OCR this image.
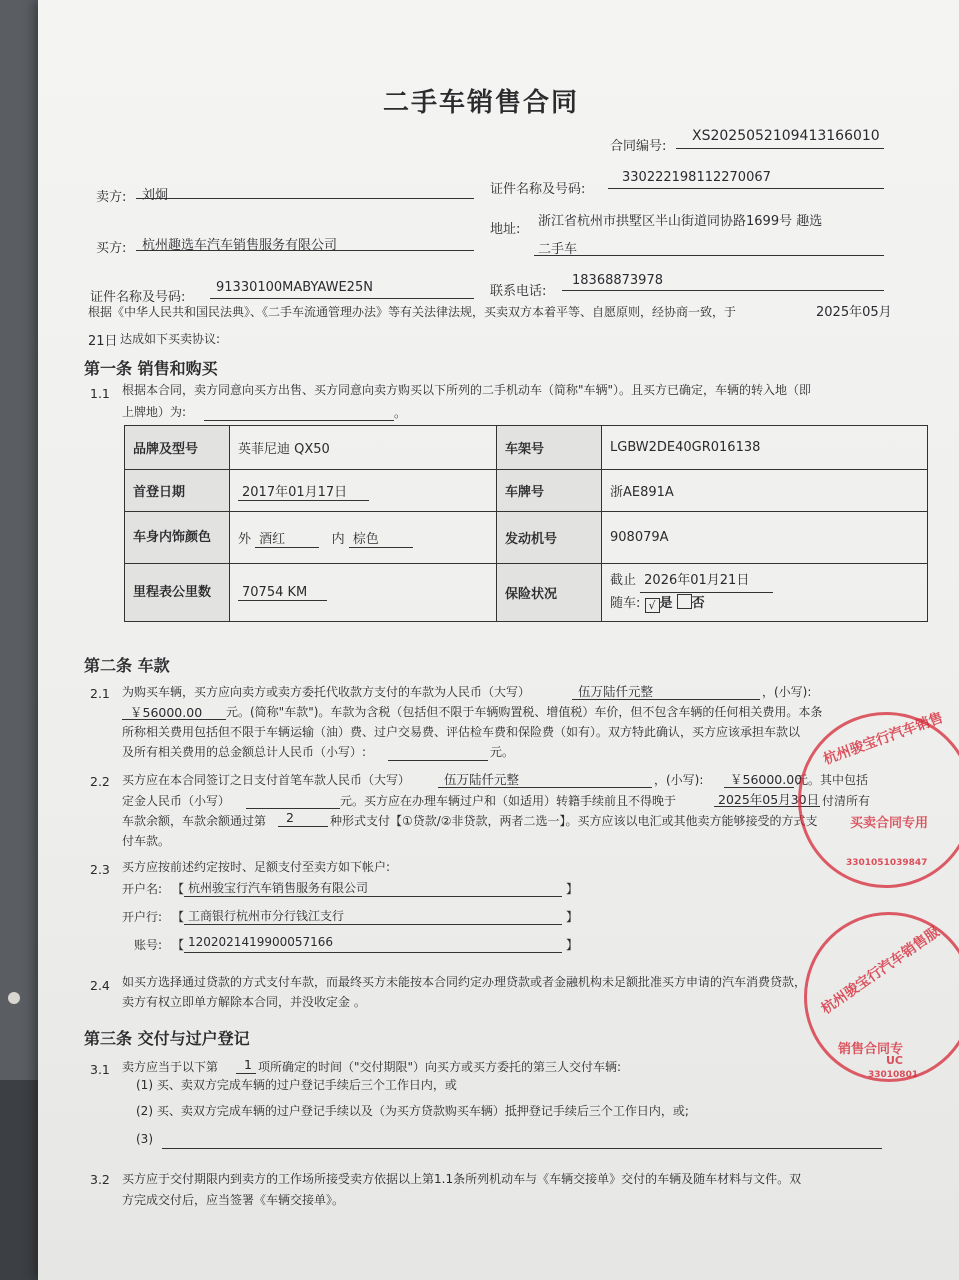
二手车销售合同
合同编号:
XS2025052109413166010
卖方: 刘炯	证件名称及号码:
330222198112270067
买方: 杭州趣选车汽车销售服务有限公司
地址:
浙江省杭州市拱墅区半山街道同协路1699号 趣选
二手车
证件名称及号码:
91330100MABYAWE25N	联系电话:
18368873978
根据《中华人民共和国民法典》、《二手车流通管理办法》等有关法律法规，买卖双方本着平等、自愿原则，经协商一致，于	2025年05月
21日 达成如下买卖协议:
第一条 销售和购买
1.1 根据本合同，卖方同意向买方出售、买方同意向卖方购买以下所列的二手机动车（简称"车辆"）。且买方已确定，车辆的转入地（即
上牌地）为:	。
品牌及型号	英菲尼迪 QX50	车架号	LGBW2DE40GR016138
首登日期	2017年01月17日	车牌号	浙AE891A
车身内饰颜色	外 酒红 内 棕色	发动机号	908079A
里程表公里数	70754 KM	保险状况	截止 2026年01月21日
随车: √ 是 否
第二条 车款
2.1 为购买车辆，买方应向卖方或卖方委托代收款方支付的车款为人民币（大写）	伍万陆仟元整	，(小写):
￥56000.00 元。(简称"车款")。车款为含税（包括但不限于车辆购置税、增值税）车价，但不包含车辆的任何相关费用。本条
所称相关费用包括但不限于车辆运输（油）费、过户交易费、评估检车费和保险费（如有）。双方特此确认，买方应该承担车款以
及所有相关费用的总金额总计人民币（小写）:	元。
2.2 买方应在本合同签订之日支付首笔车款人民币（大写）	伍万陆仟元整	，(小写): ￥56000.00
元。其中包括
定金人民币（小写）	元。买方应在办理车辆过户和（如适用）转籍手续前且不得晚于	2025年05月30日 付清所有
车款余额，车款余额通过第 2	种形式支付【①贷款/②非贷款，两者二选一】。买方应该以电汇或其他卖方能够接受的方式支
付车款。
2.3 买方应按前述约定按时、足额支付至卖方如下帐户:
开户名: 【 杭州骏宝行汽车销售服务有限公司	】
开户行: 【 工商银行杭州市分行钱江支行	】
账号: 【 1202021419900057166	】
2.4 如买方选择通过贷款的方式支付车款，而最终买方未能按本合同约定办理贷款或者金融机构未足额批准买方申请的汽车消费贷款，
卖方有权立即单方解除本合同，并没收定金 。
第三条 交付与过户登记
3.1 卖方应当于以下第 1 项所确定的时间（"交付期限"）向买方或买方委托的第三人交付车辆:
(1) 买、卖双方完成车辆的过户登记手续后三个工作日内，或
(2) 买、卖双方完成车辆的过户登记手续以及（为买方贷款购买车辆）抵押登记手续后三个工作日内，或;
(3)
3.2 买方应于交付期限内到卖方的工作场所接受卖方依据以上第1.1条所列机动车与《车辆交接单》交付的车辆及随车材料与文件。双
方完成交付后，应当签署《车辆交接单》。
杭州骏宝行汽车销售
买卖合同专用
3301051039847
杭州骏宝行汽车销售服
销售合同专
UC
33010801
